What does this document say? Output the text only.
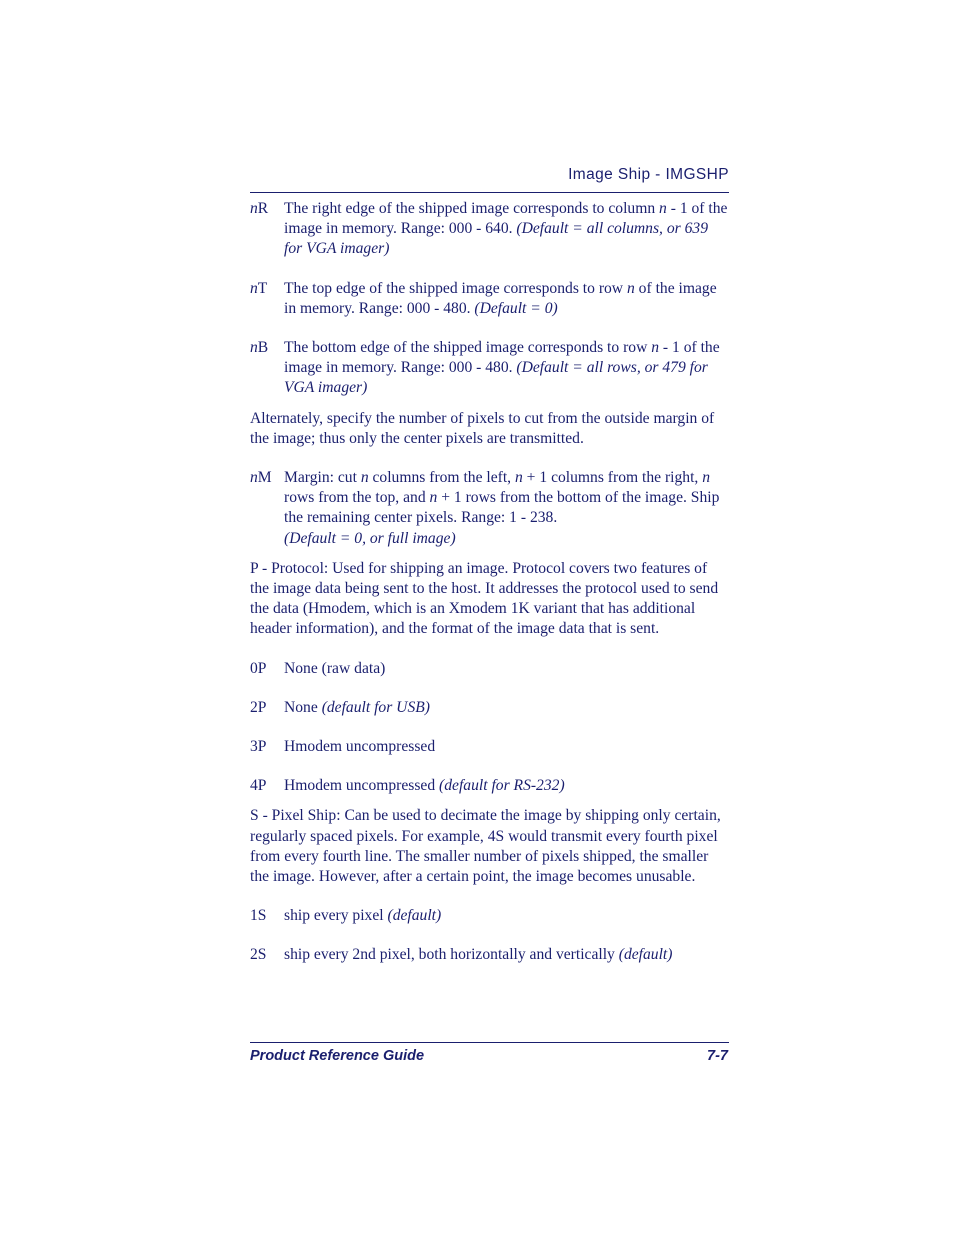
Image Ship - IMGSHP
nR	The right edge of the shipped image corresponds to column n - 1 of the image in memory. Range: 000 - 640. (Default = all columns, or 639 for VGA imager)
nT	The top edge of the shipped image corresponds to row n of the image in memory. Range: 000 - 480. (Default = 0)
nB	The bottom edge of the shipped image corresponds to row n - 1 of the image in memory. Range: 000 - 480. (Default = all rows, or 479 for VGA imager)

Alternately, specify the number of pixels to cut from the outside margin of the image; thus only the center pixels are transmitted.

nM Margin: cut n columns from the left, n + 1 columns from the right, n rows from the top, and n + 1 rows from the bottom of the image. Ship the remaining center pixels. Range: 1 - 238.
(Default = 0, or full image)

P - Protocol: Used for shipping an image. Protocol covers two features of the image data being sent to the host. It addresses the protocol used to send the data (Hmodem, which is an Xmodem 1K variant that has additional header information), and the format of the image data that is sent.

0P	None (raw data)
2P	None (default for USB)
3P	Hmodem uncompressed
4P	Hmodem uncompressed (default for RS-232)

S - Pixel Ship: Can be used to decimate the image by shipping only certain, regularly spaced pixels. For example, 4S would transmit every fourth pixel from every fourth line. The smaller number of pixels shipped, the smaller the image. However, after a certain point, the image becomes unusable.

1S	ship every pixel (default)
2S	ship every 2nd pixel, both horizontally and vertically (default)
Product Reference Guide	7-7
